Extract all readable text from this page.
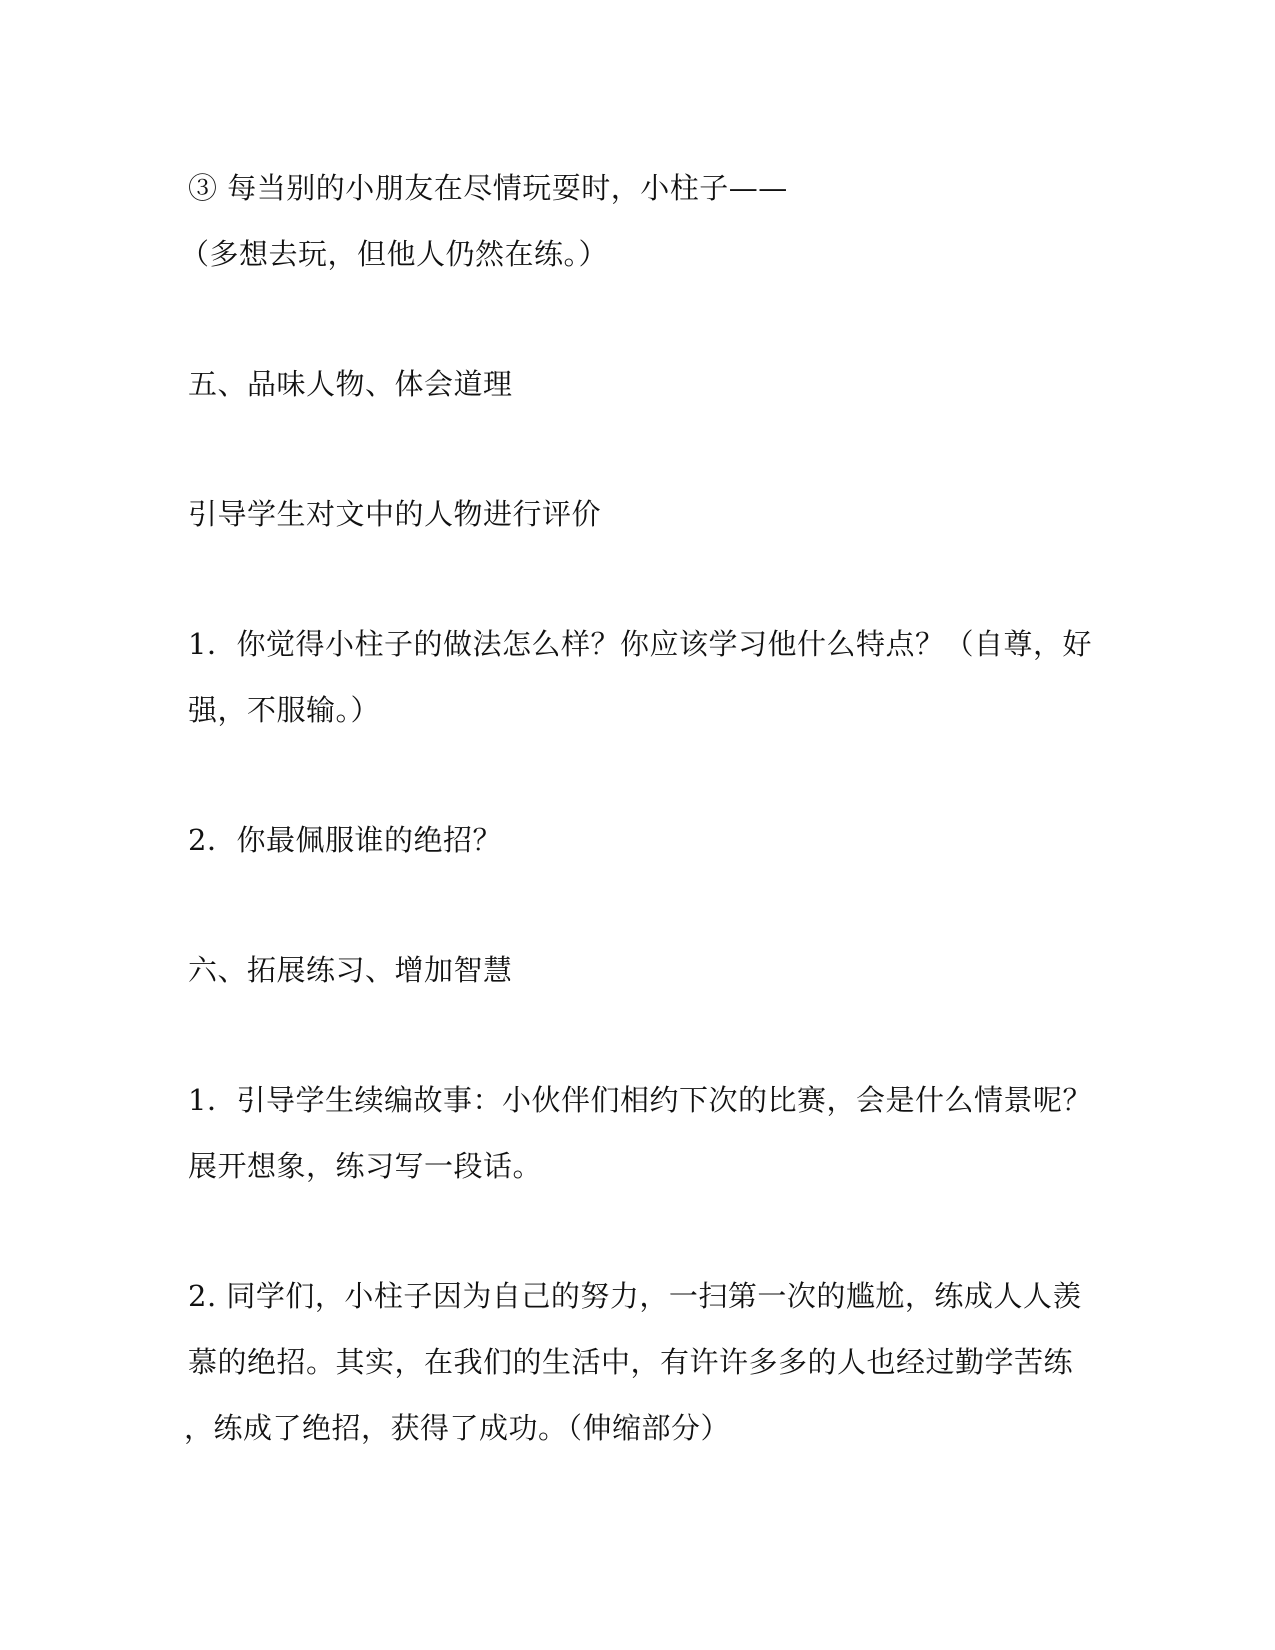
③ 每当别的小朋友在尽情玩耍时，小柱子——

（多想去玩，但他人仍然在练。）

五、品味人物、体会道理

引导学生对文中的人物进行评价

1．你觉得小柱子的做法怎么样？你应该学习他什么特点？（自尊，好

强，不服输。）

2．你最佩服谁的绝招？

六、拓展练习、增加智慧

1．引导学生续编故事：小伙伴们相约下次的比赛，会是什么情景呢？

展开想象，练习写一段话。

2. 同学们，小柱子因为自己的努力，一扫第一次的尴尬，练成人人羡

慕的绝招。其实，在我们的生活中，有许许多多的人也经过勤学苦练

，练成了绝招，获得了成功。（伸缩部分）
